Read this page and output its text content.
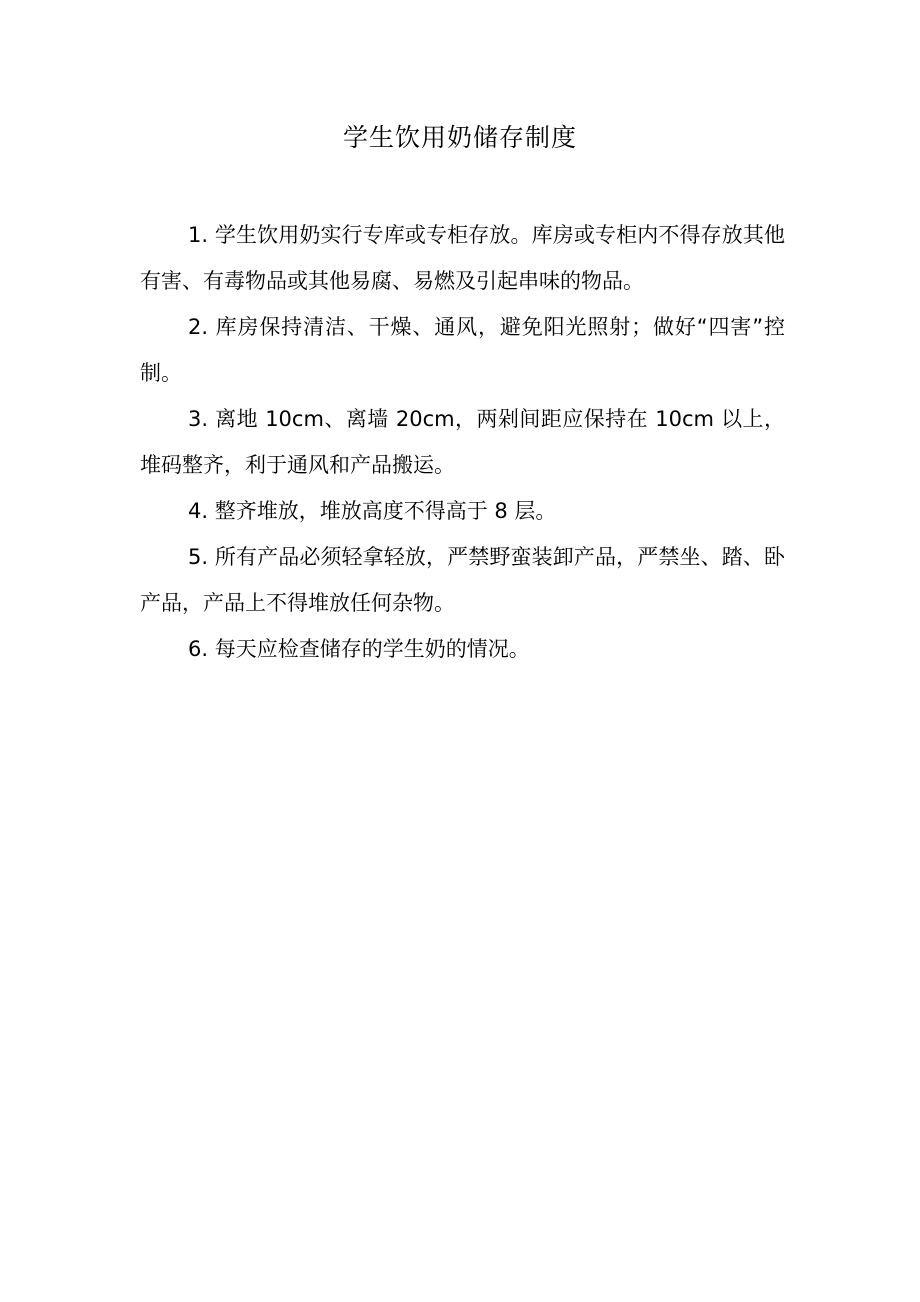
学生饮用奶储存制度

1. 学生饮用奶实行专库或专柜存放。库房或专柜内不得存放其他有害、有毒物品或其他易腐、易燃及引起串味的物品。

2. 库房保持清洁、干燥、通风，避免阳光照射；做好“四害”控制。

3. 离地 10cm、离墙 20cm，两剁间距应保持在 10cm 以上，堆码整齐，利于通风和产品搬运。

4. 整齐堆放，堆放高度不得高于 8 层。

5. 所有产品必须轻拿轻放，严禁野蛮装卸产品，严禁坐、踏、卧产品，产品上不得堆放任何杂物。

6. 每天应检查储存的学生奶的情况。
